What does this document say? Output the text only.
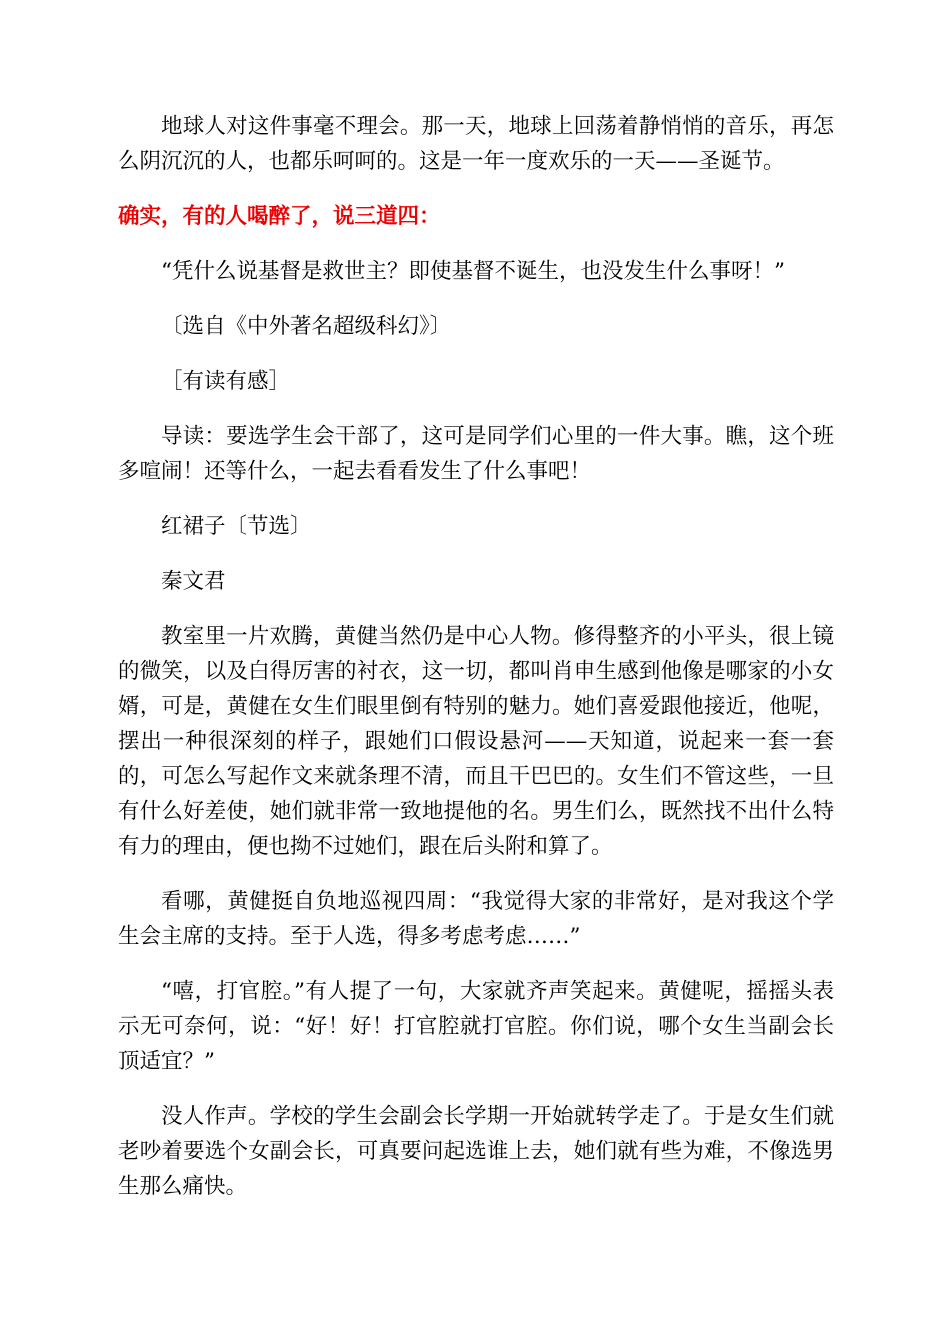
地球人对这件事毫不理会。那一天，地球上回荡着静悄悄的音乐，再怎么阴沉沉的人，也都乐呵呵的。这是一年一度欢乐的一天——圣诞节。

确实，有的人喝醉了，说三道四：

“凭什么说基督是救世主？即使基督不诞生，也没发生什么事呀！”

〔选自《中外著名超级科幻》〕

［有读有感］

导读：要选学生会干部了，这可是同学们心里的一件大事。瞧，这个班多喧闹！还等什么，一起去看看发生了什么事吧！

红裙子〔节选〕

秦文君

教室里一片欢腾，黄健当然仍是中心人物。修得整齐的小平头，很上镜的微笑，以及白得厉害的衬衣，这一切，都叫肖申生感到他像是哪家的小女婿，可是，黄健在女生们眼里倒有特别的魅力。她们喜爱跟他接近，他呢，摆出一种很深刻的样子，跟她们口假设悬河——天知道，说起来一套一套的，可怎么写起作文来就条理不清，而且干巴巴的。女生们不管这些，一旦有什么好差使，她们就非常一致地提他的名。男生们么，既然找不出什么特有力的理由，便也拗不过她们，跟在后头附和算了。

看哪，黄健挺自负地巡视四周：“我觉得大家的非常好，是对我这个学生会主席的支持。至于人选，得多考虑考虑……”

“嘻，打官腔。”有人提了一句，大家就齐声笑起来。黄健呢，摇摇头表示无可奈何，说：“好！好！打官腔就打官腔。你们说，哪个女生当副会长顶适宜？”

没人作声。学校的学生会副会长学期一开始就转学走了。于是女生们就老吵着要选个女副会长，可真要问起选谁上去，她们就有些为难，不像选男生那么痛快。
